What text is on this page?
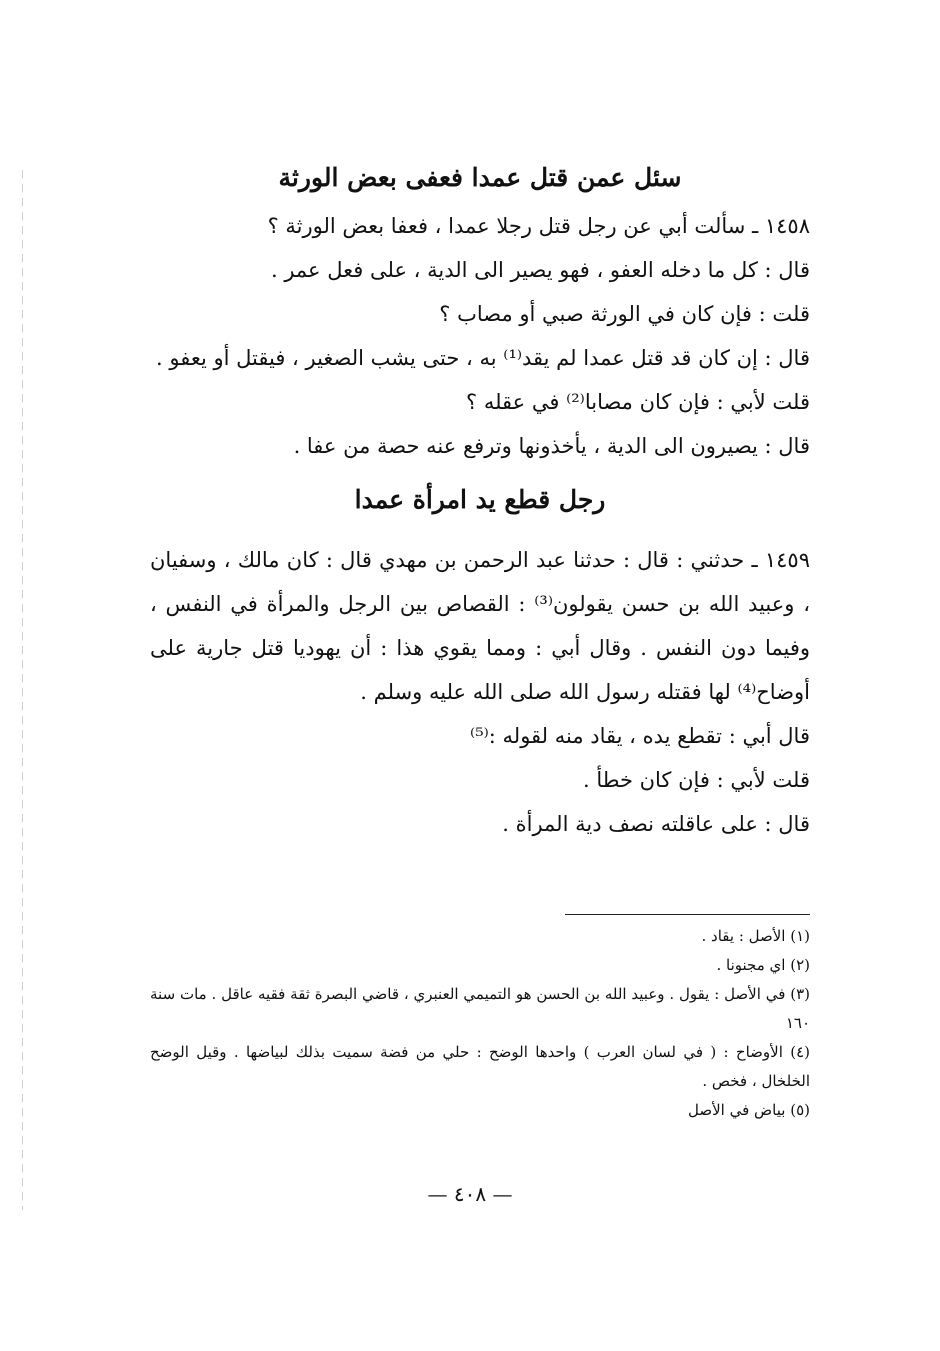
سئل عمن قتل عمدا فعفى بعض الورثة

١٤٥٨ ـ سألت أبي عن رجل قتل رجلا عمدا ، فعفا بعض الورثة ؟

قال : كل ما دخله العفو ، فهو يصير الى الدية ، على فعل عمر .

قلت : فإن كان في الورثة صبي أو مصاب ؟

قال : إن كان قد قتل عمدا لم يقد⁽¹⁾ به ، حتى يشب الصغير ، فيقتل أو يعفو .

قلت لأبي : فإن كان مصابا⁽²⁾ في عقله ؟

قال : يصيرون الى الدية ، يأخذونها وترفع عنه حصة من عفا .

رجل قطع يد امرأة عمدا

١٤٥٩ ـ حدثني : قال : حدثنا عبد الرحمن بن مهدي قال : كان مالك ، وسفيان ، وعبيد الله بن حسن يقولون⁽³⁾ : القصاص بين الرجل والمرأة في النفس ، وفيما دون النفس . وقال أبي : ومما يقوي هذا : أن يهوديا قتل جارية على أوضاح⁽⁴⁾ لها فقتله رسول الله صلى الله عليه وسلم .

قال أبي : تقطع يده ، يقاد منه لقوله :⁽⁵⁾

قلت لأبي : فإن كان خطأ .

قال : على عاقلته نصف دية المرأة .

(١) الأصل : يقاد .

(٢) اي مجنونا .

(٣) في الأصل : يقول . وعبيد الله بن الحسن هو التميمي العنبري ، قاضي البصرة ثقة فقيه عاقل . مات سنة ١٦٠

(٤) الأوضاح : ( في لسان العرب ) واحدها الوضح : حلي من فضة سميت بذلك لبياضها . وقيل الوضح الخلخال ، فخص .

(٥) بياض في الأصل

— ٤٠٨ —
